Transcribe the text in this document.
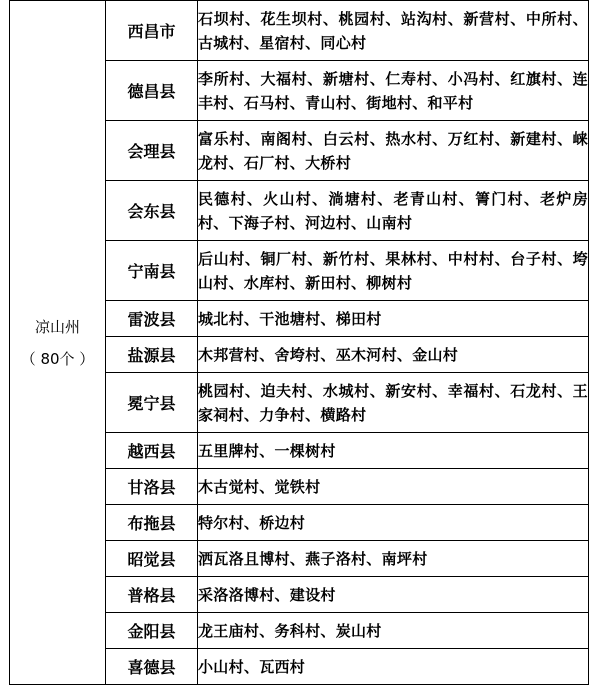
凉山州
（ 80个 ）	西昌市	石坝村、花生坝村、桃园村、站沟村、新营村、中所村、古城村、星宿村、同心村
	德昌县	李所村、大福村、新塘村、仁寿村、小冯村、红旗村、连丰村、石马村、青山村、街地村、和平村
	会理县	富乐村、南阁村、白云村、热水村、万红村、新建村、崃龙村、石厂村、大桥村
	会东县	民德村、火山村、淌塘村、老青山村、箐门村、老炉房村、下海子村、河边村、山南村
	宁南县	后山村、铜厂村、新竹村、果林村、中村村、台子村、垮山村、水库村、新田村、柳树村
	雷波县	城北村、干池塘村、梯田村
	盐源县	木邦营村、舍垮村、巫木河村、金山村
	冕宁县	桃园村、迫夫村、水城村、新安村、幸福村、石龙村、王家祠村、力争村、横路村
	越西县	五里牌村、一棵树村
	甘洛县	木古觉村、觉铁村
	布拖县	特尔村、桥边村
	昭觉县	洒瓦洛且博村、燕子洛村、南坪村
	普格县	采洛洛博村、建设村
	金阳县	龙王庙村、务科村、炭山村
	喜德县	小山村、瓦西村
